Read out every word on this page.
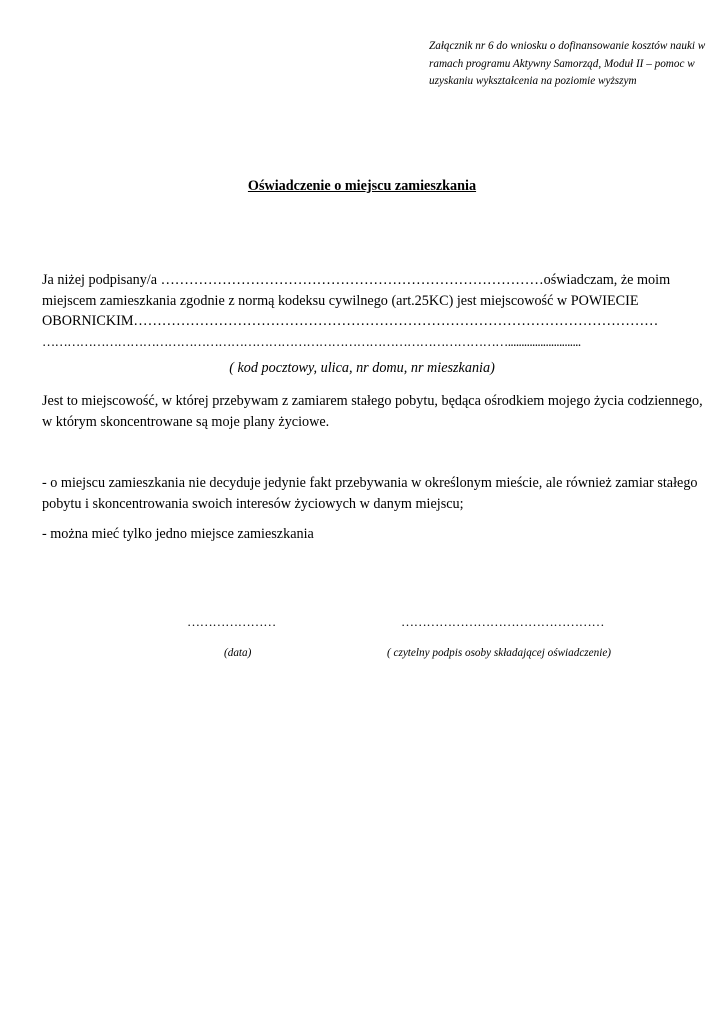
Załącznik nr 6 do wniosku o dofinansowanie kosztów nauki w ramach programu Aktywny Samorząd, Moduł II – pomoc w uzyskaniu wykształcenia na poziomie wyższym

Oświadczenie o miejscu zamieszkania
Ja niżej podpisany/a ………………………………………………………………………oświadczam, że moim
miejscem zamieszkania zgodnie z normą kodeksu cywilnego (art.25KC) jest miejscowość w POWIECIE
OBORNICKIM…………………………………………………………………………………………………
…………………………………………………………………………………………………...........................

( kod pocztowy, ulica, nr domu, nr mieszkania)

Jest to miejscowość, w której przebywam z zamiarem stałego pobytu, będąca ośrodkiem mojego życia codziennego, w którym skoncentrowane są moje plany życiowe.

- o miejscu zamieszkania nie decyduje jedynie fakt przebywania w określonym mieście, ale również zamiar stałego pobytu i skoncentrowania swoich interesów życiowych w danym miejscu;

- można mieć tylko jedno miejsce zamieszkania

…………………	…………………………………………

(data)	( czytelny podpis osoby składającej oświadczenie)
